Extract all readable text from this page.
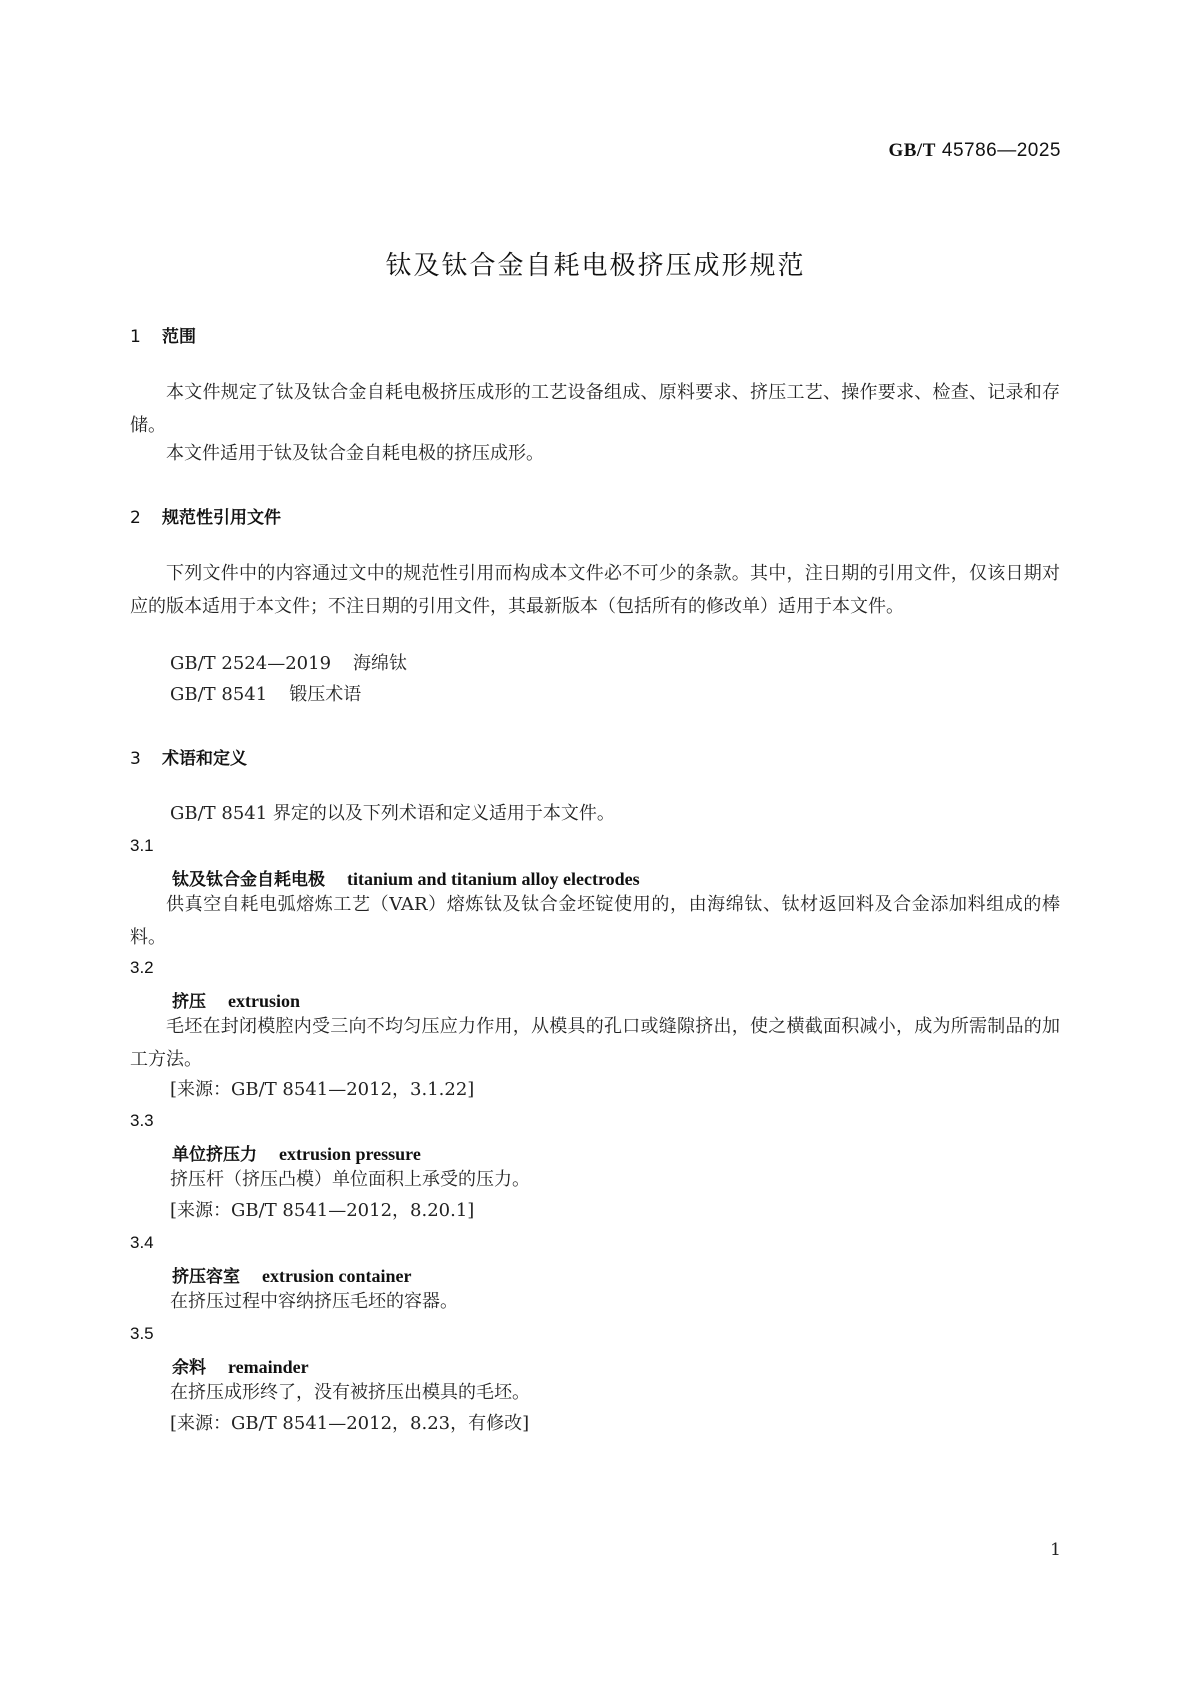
GB/T 45786—2025
钛及钛合金自耗电极挤压成形规范
1 范围
本文件规定了钛及钛合金自耗电极挤压成形的工艺设备组成、原料要求、挤压工艺、操作要求、检查、记录和存储。
本文件适用于钛及钛合金自耗电极的挤压成形。
2 规范性引用文件
下列文件中的内容通过文中的规范性引用而构成本文件必不可少的条款。其中，注日期的引用文件，仅该日期对应的版本适用于本文件；不注日期的引用文件，其最新版本（包括所有的修改单）适用于本文件。
GB/T 2524—2019 海绵钛
GB/T 8541 锻压术语
3 术语和定义
GB/T 8541 界定的以及下列术语和定义适用于本文件。
3.1
钛及钛合金自耗电极 titanium and titanium alloy electrodes
供真空自耗电弧熔炼工艺（VAR）熔炼钛及钛合金坯锭使用的，由海绵钛、钛材返回料及合金添加料组成的棒料。
3.2
挤压 extrusion
毛坯在封闭模腔内受三向不均匀压应力作用，从模具的孔口或缝隙挤出，使之横截面积减小，成为所需制品的加工方法。
[来源：GB/T 8541—2012，3.1.22]
3.3
单位挤压力 extrusion pressure
挤压杆（挤压凸模）单位面积上承受的压力。
[来源：GB/T 8541—2012，8.20.1]
3.4
挤压容室 extrusion container
在挤压过程中容纳挤压毛坯的容器。
3.5
余料 remainder
在挤压成形终了，没有被挤压出模具的毛坯。
[来源：GB/T 8541—2012，8.23，有修改]
1
